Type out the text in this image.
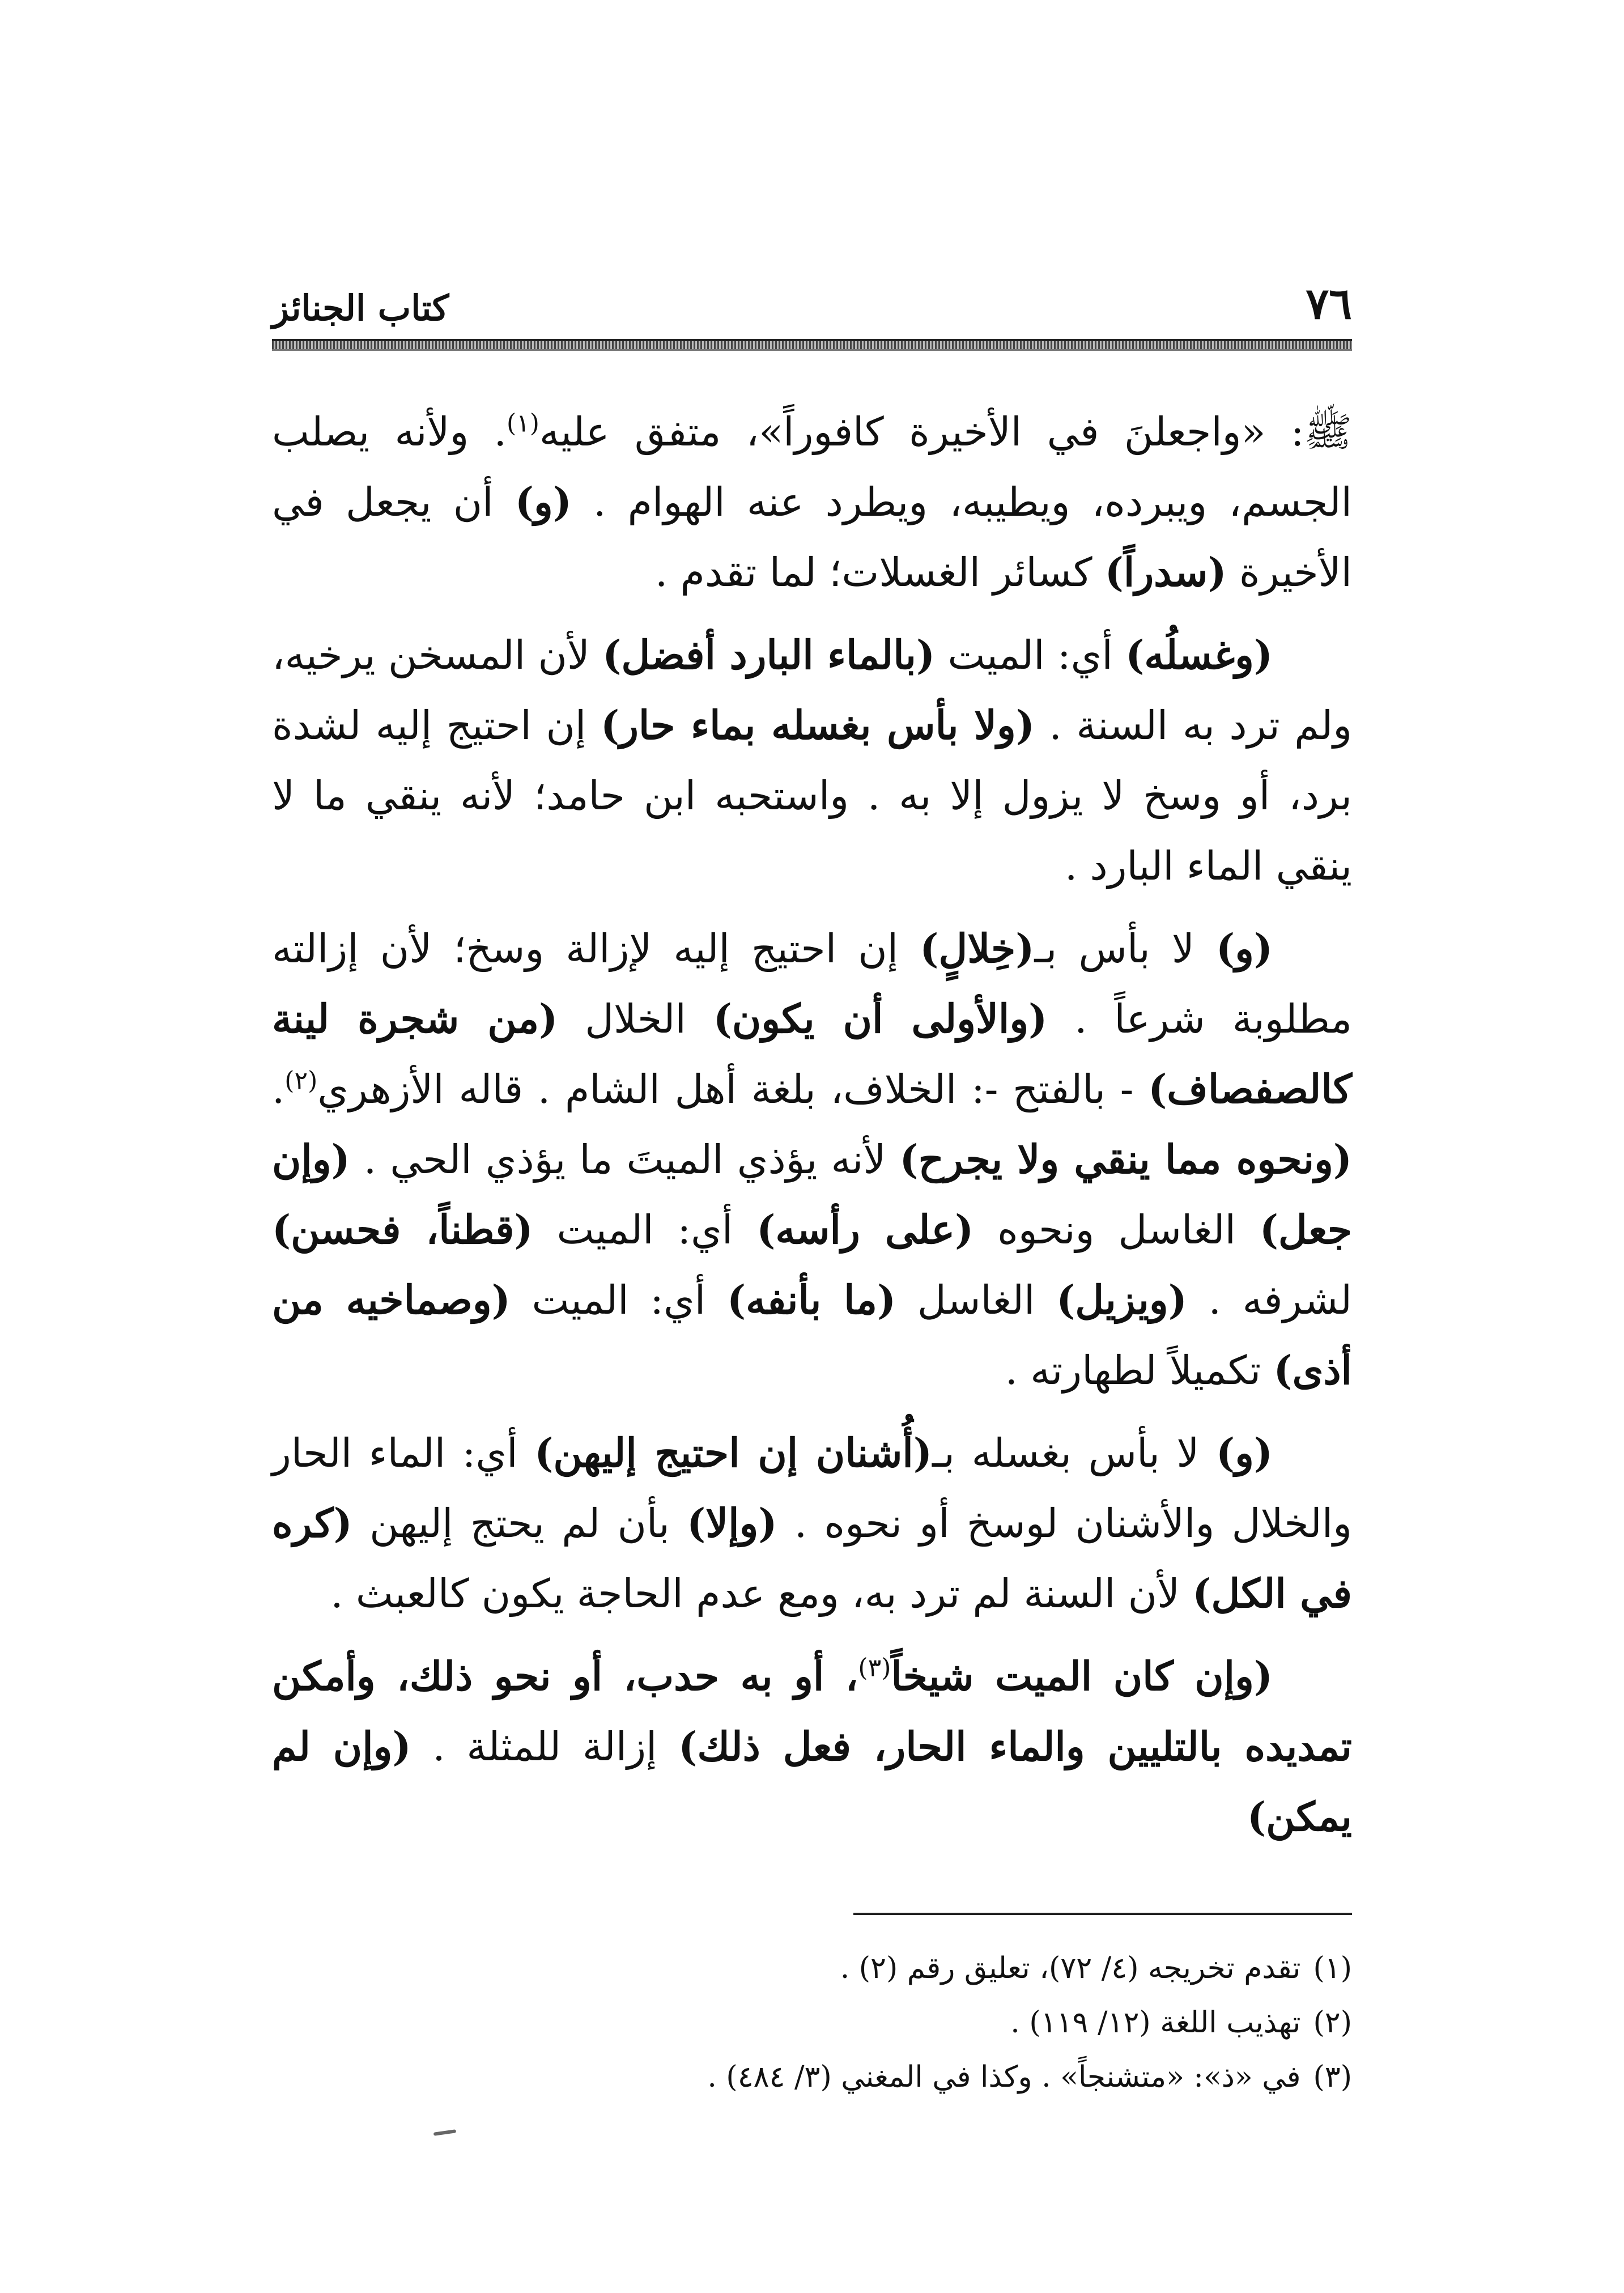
٧٦
كتاب الجنائز

ﷺ: «واجعلنَ في الأخيرة كافوراً»، متفق عليه$^{(١)}$. ولأنه يصلب الجسم، ويبرده، ويطيبه، ويطرد عنه الهوام . (و) أن يجعل في الأخيرة (سدراً) كسائر الغسلات؛ لما تقدم .

(وغسلُه) أي: الميت (بالماء البارد أفضل) لأن المسخن يرخيه، ولم ترد به السنة . (ولا بأس بغسله بماء حار) إن احتيج إليه لشدة برد، أو وسخ لا يزول إلا به . واستحبه ابن حامد؛ لأنه ينقي ما لا ينقي الماء البارد .

(و) لا بأس بـ(خِلالٍ) إن احتيج إليه لإزالة وسخ؛ لأن إزالته مطلوبة شرعاً . (والأولى أن يكون) الخلال (من شجرة لينة كالصفصاف) - بالفتح -: الخلاف، بلغة أهل الشام . قاله الأزهري$^{(٢)}$. (ونحوه مما ينقي ولا يجرح) لأنه يؤذي الميتَ ما يؤذي الحي . (وإن جعل) الغاسل ونحوه (على رأسه) أي: الميت (قطناً، فحسن) لشرفه . (ويزيل) الغاسل (ما بأنفه) أي: الميت (وصماخيه من أذى) تكميلاً لطهارته .

(و) لا بأس بغسله بـ(أُشنان إن احتيج إليهن) أي: الماء الحار والخلال والأشنان لوسخ أو نحوه . (وإلا) بأن لم يحتج إليهن (كره في الكل) لأن السنة لم ترد به، ومع عدم الحاجة يكون كالعبث .

(وإن كان الميت شيخاً$^{(٣)}$، أو به حدب، أو نحو ذلك، وأمكن تمديده بالتليين والماء الحار، فعل ذلك) إزالة للمثلة . (وإن لم يمكن)

(١)تقدم تخريجه (٤/ ٧٢)، تعليق رقم (٢) .
(٢)تهذيب اللغة (١٢/ ١١٩) .
(٣)في «ذ»: «متشنجاً» . وكذا في المغني (٣/ ٤٨٤) .
